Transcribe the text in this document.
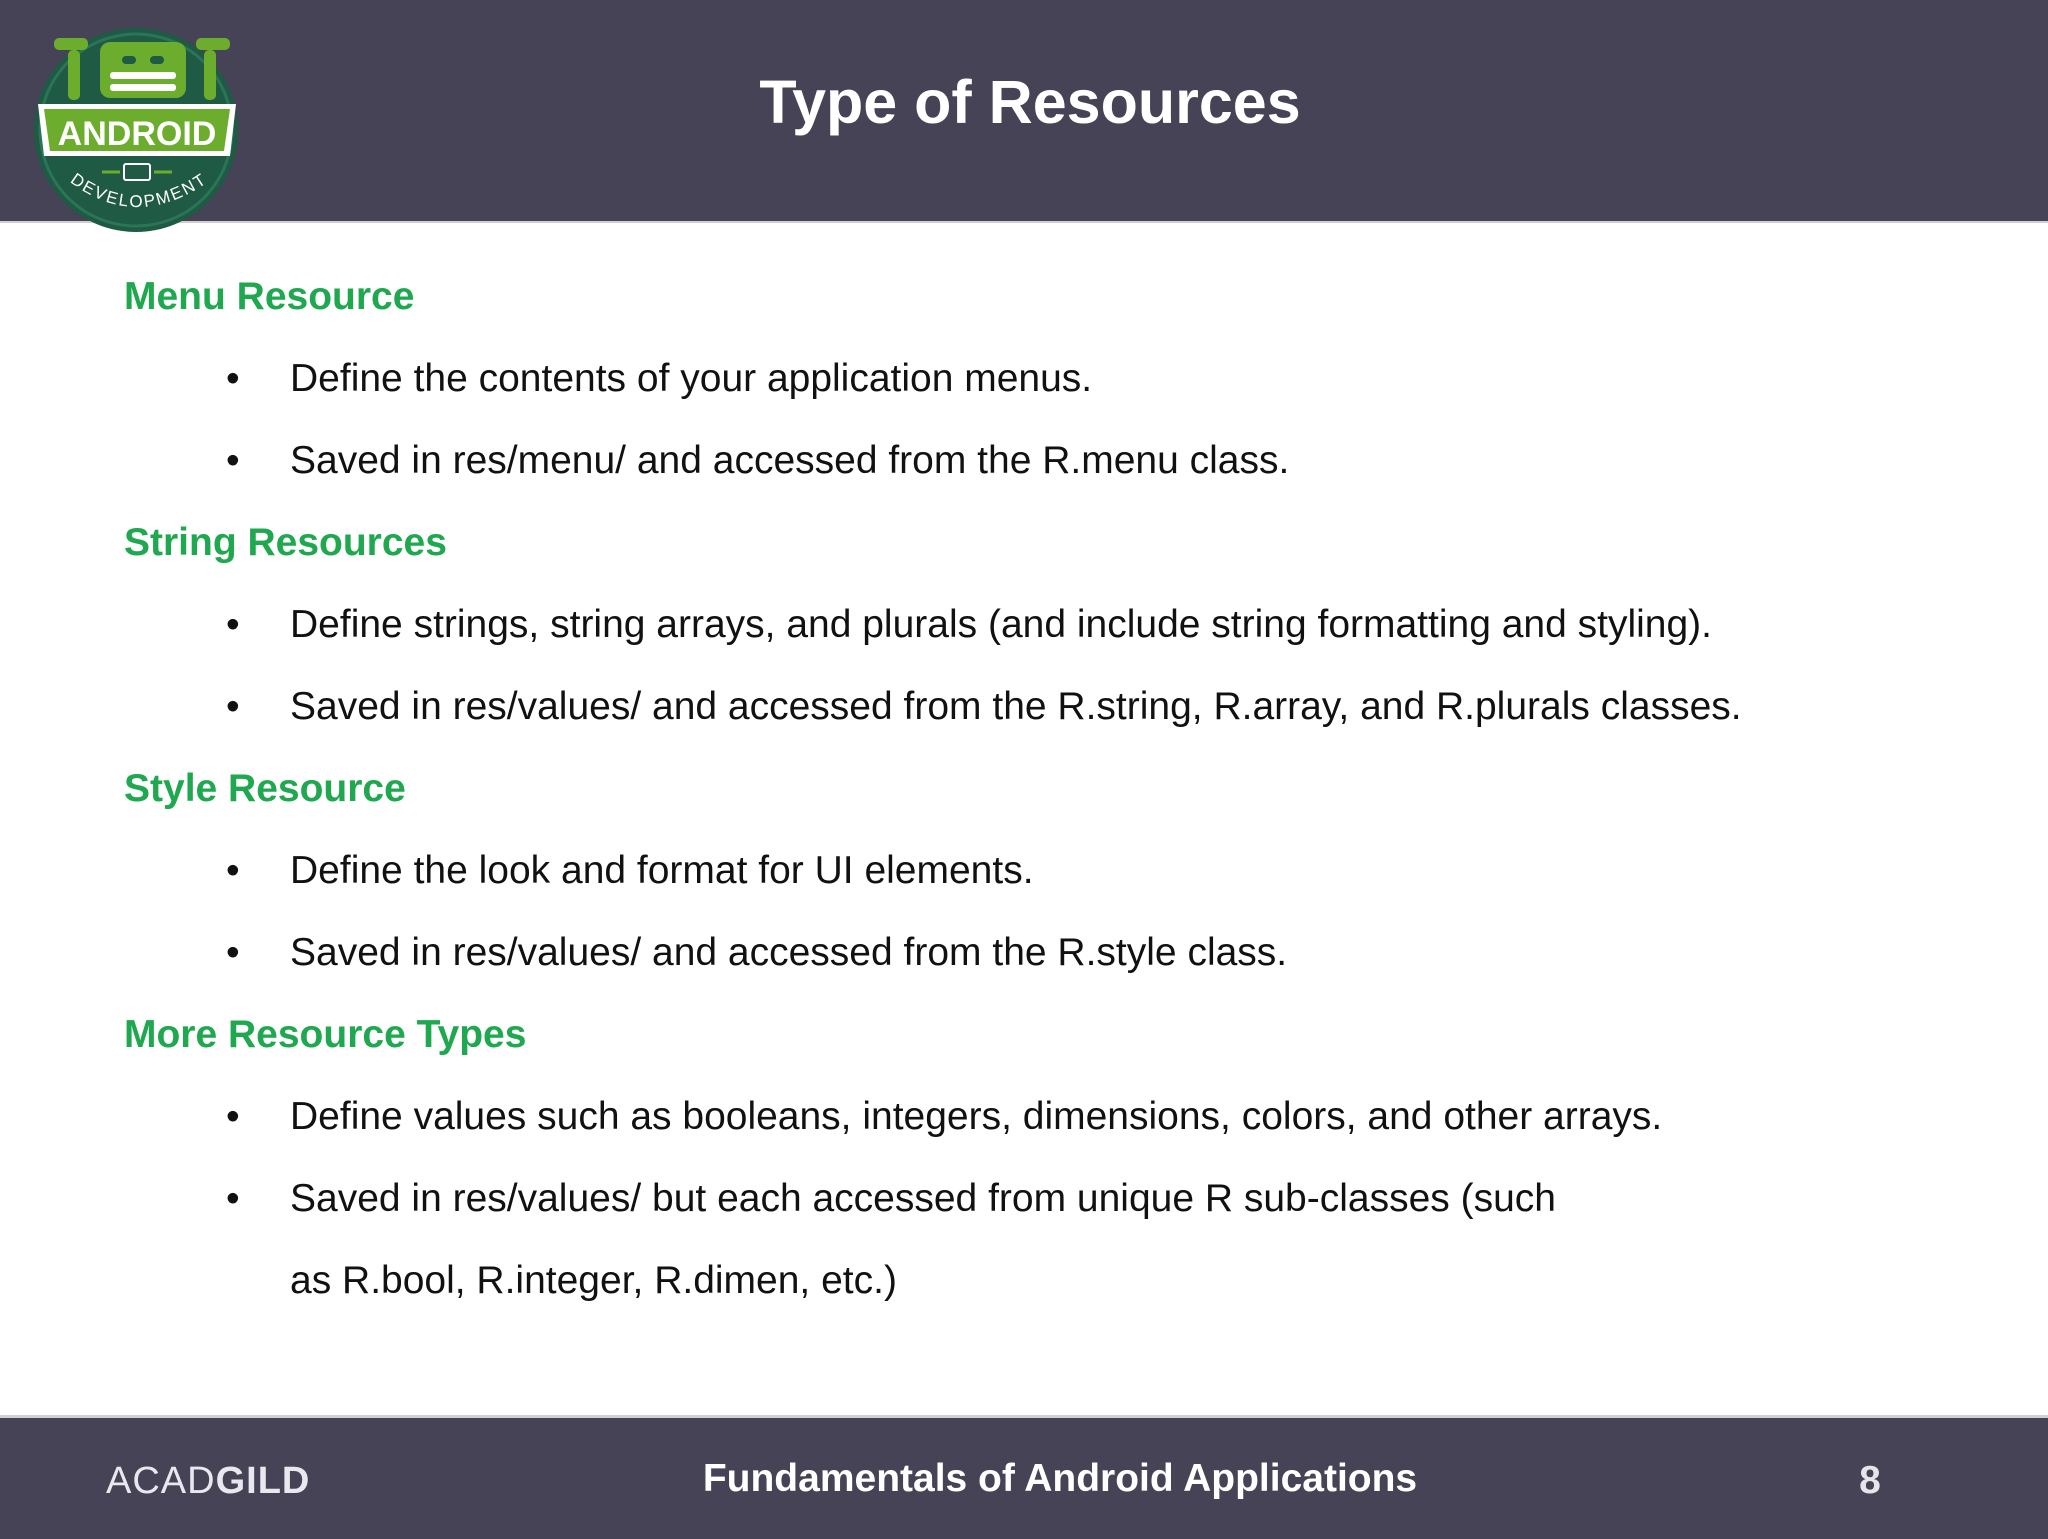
ANDROID
DEVELOPMENT
Type of Resources
Menu Resource
• Define the contents of your application menus.
• Saved in res/menu/ and accessed from the R.menu class.
String Resources
• Define strings, string arrays, and plurals (and include string formatting and styling).
• Saved in res/values/ and accessed from the R.string, R.array, and R.plurals classes.
Style Resource
• Define the look and format for UI elements.
• Saved in res/values/ and accessed from the R.style class.
More Resource Types
• Define values such as booleans, integers, dimensions, colors, and other arrays.
• Saved in res/values/ but each accessed from unique R sub-classes (such
as R.bool, R.integer, R.dimen, etc.)
ACADGILD	Fundamentals of Android Applications	8
